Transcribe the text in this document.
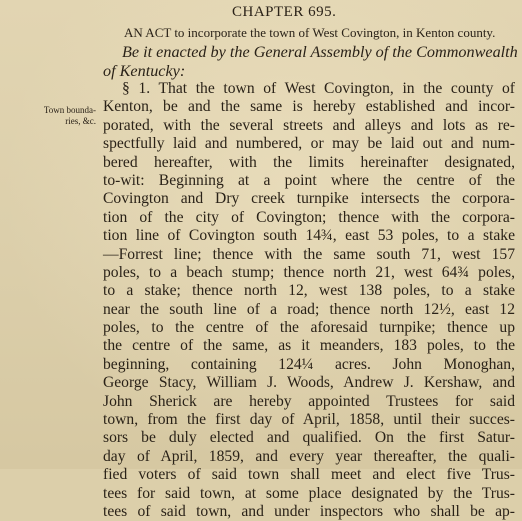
CHAPTER 695.
AN ACT to incorporate the town of West Covington, in Kenton county.
Be it enacted by the General Assembly of the Commonwealth
of Kentucky:
Town bounda-
ries, &c.
§ 1. That the town of West Covington, in the county of
Kenton, be and the same is hereby established and incor-
porated, with the several streets and alleys and lots as re-
spectfully laid and numbered, or may be laid out and num-
bered hereafter, with the limits hereinafter designated,
to-wit: Beginning at a point where the centre of the
Covington and Dry creek turnpike intersects the corpora-
tion of the city of Covington; thence with the corpora-
tion line of Covington south 14¾, east 53 poles, to a stake
—Forrest line; thence with the same south 71, west 157
poles, to a beach stump; thence north 21, west 64¾ poles,
to a stake; thence north 12, west 138 poles, to a stake
near the south line of a road; thence north 12½, east 12
poles, to the centre of the aforesaid turnpike; thence up
the centre of the same, as it meanders, 183 poles, to the
beginning, containing 124¼ acres. John Monoghan,
George Stacy, William J. Woods, Andrew J. Kershaw, and
John Sherick are hereby appointed Trustees for said
town, from the first day of April, 1858, until their succes-
sors be duly elected and qualified. On the first Satur-
day of April, 1859, and every year thereafter, the quali-
fied voters of said town shall meet and elect five Trus-
tees for said town, at some place designated by the Trus-
tees of said town, and under inspectors who shall be ap-
